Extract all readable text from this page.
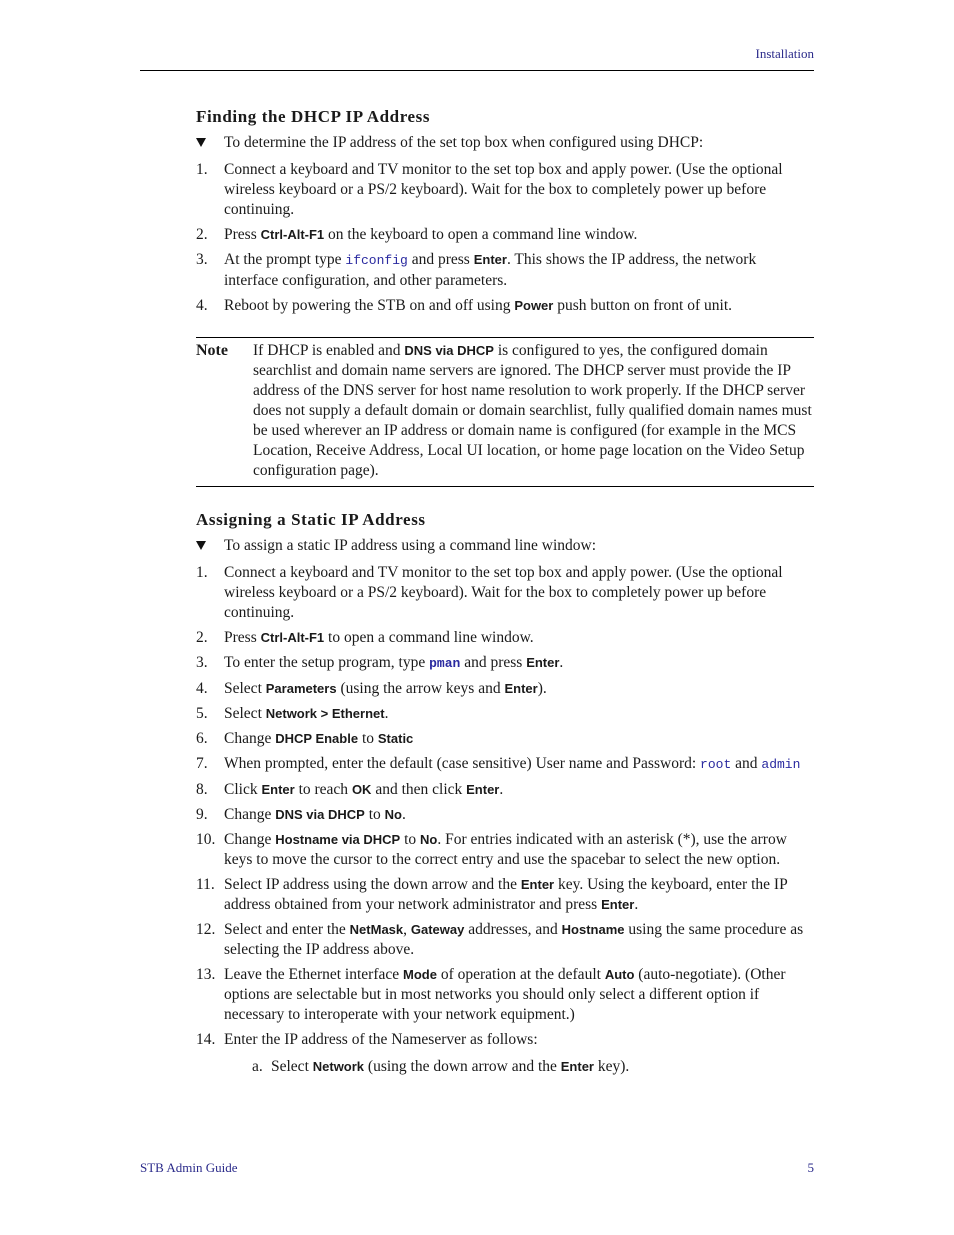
Installation
Finding the DHCP IP Address
To determine the IP address of the set top box when configured using DHCP:
1. Connect a keyboard and TV monitor to the set top box and apply power. (Use the optional wireless keyboard or a PS/2 keyboard). Wait for the box to completely power up before continuing.
2. Press Ctrl-Alt-F1 on the keyboard to open a command line window.
3. At the prompt type ifconfig and press Enter. This shows the IP address, the network interface configuration, and other parameters.
4. Reboot by powering the STB on and off using Power push button on front of unit.
Note	If DHCP is enabled and DNS via DHCP is configured to yes, the configured domain searchlist and domain name servers are ignored. The DHCP server must provide the IP address of the DNS server for host name resolution to work properly. If the DHCP server does not supply a default domain or domain searchlist, fully qualified domain names must be used wherever an IP address or domain name is configured (for example in the MCS Location, Receive Address, Local UI location, or home page location on the Video Setup configuration page).
Assigning a Static IP Address
To assign a static IP address using a command line window:
1. Connect a keyboard and TV monitor to the set top box and apply power. (Use the optional wireless keyboard or a PS/2 keyboard). Wait for the box to completely power up before continuing.
2. Press Ctrl-Alt-F1 to open a command line window.
3. To enter the setup program, type pman and press Enter.
4. Select Parameters (using the arrow keys and Enter).
5. Select Network > Ethernet.
6. Change DHCP Enable to Static
7. When prompted, enter the default (case sensitive) User name and Password: root and admin
8. Click Enter to reach OK and then click Enter.
9. Change DNS via DHCP to No.
10. Change Hostname via DHCP to No. For entries indicated with an asterisk (*), use the arrow keys to move the cursor to the correct entry and use the spacebar to select the new option.
11. Select IP address using the down arrow and the Enter key. Using the keyboard, enter the IP address obtained from your network administrator and press Enter.
12. Select and enter the NetMask, Gateway addresses, and Hostname using the same procedure as selecting the IP address above.
13. Leave the Ethernet interface Mode of operation at the default Auto (auto-negotiate). (Other options are selectable but in most networks you should only select a different option if necessary to interoperate with your network equipment.)
14. Enter the IP address of the Nameserver as follows:
a. Select Network (using the down arrow and the Enter key).
STB Admin Guide	5
